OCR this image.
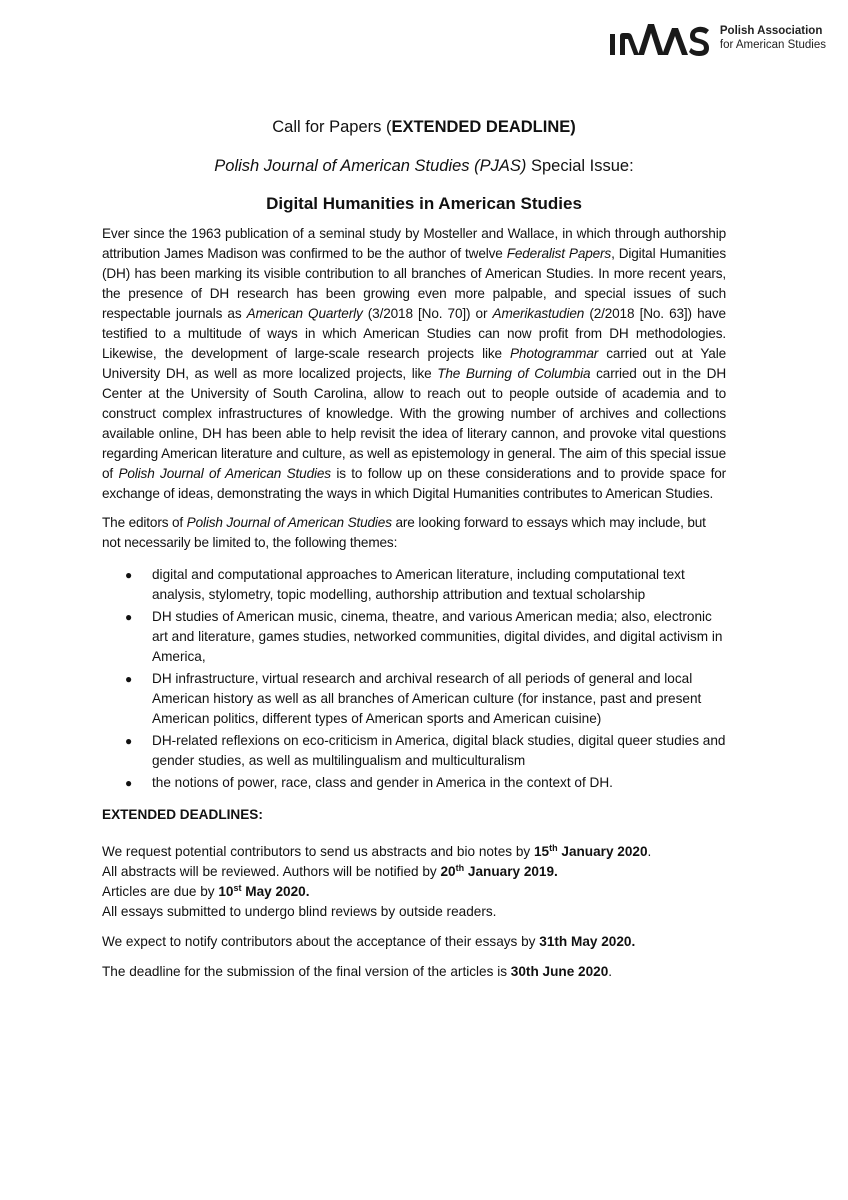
Polish Association
for American Studies

Call for Papers (EXTENDED DEADLINE)

Polish Journal of American Studies (PJAS) Special Issue:

Digital Humanities in American Studies

Ever since the 1963 publication of a seminal study by Mosteller and Wallace, in which through authorship attribution James Madison was confirmed to be the author of twelve Federalist Papers, Digital Humanities (DH) has been marking its visible contribution to all branches of American Studies. In more recent years, the presence of DH research has been growing even more palpable, and special issues of such respectable journals as American Quarterly (3/2018 [No. 70]) or Amerikastudien (2/2018 [No. 63]) have testified to a multitude of ways in which American Studies can now profit from DH methodologies. Likewise, the development of large-scale research projects like Photogrammar carried out at Yale University DH, as well as more localized projects, like The Burning of Columbia carried out in the DH Center at the University of South Carolina, allow to reach out to people outside of academia and to construct complex infrastructures of knowledge. With the growing number of archives and collections available online, DH has been able to help revisit the idea of literary cannon, and provoke vital questions regarding American literature and culture, as well as epistemology in general. The aim of this special issue of Polish Journal of American Studies is to follow up on these considerations and to provide space for exchange of ideas, demonstrating the ways in which Digital Humanities contributes to American Studies.

The editors of Polish Journal of American Studies are looking forward to essays which may include, but not necessarily be limited to, the following themes:

● digital and computational approaches to American literature, including computational text analysis, stylometry, topic modelling, authorship attribution and textual scholarship
● DH studies of American music, cinema, theatre, and various American media; also, electronic art and literature, games studies, networked communities, digital divides, and digital activism in America,
● DH infrastructure, virtual research and archival research of all periods of general and local American history as well as all branches of American culture (for instance, past and present American politics, different types of American sports and American cuisine)
● DH-related reflexions on eco-criticism in America, digital black studies, digital queer studies and gender studies, as well as multilingualism and multiculturalism
● the notions of power, race, class and gender in America in the context of DH.

EXTENDED DEADLINES:

We request potential contributors to send us abstracts and bio notes by 15th January 2020.

All abstracts will be reviewed. Authors will be notified by 20th January 2019.

Articles are due by 10st May 2020.

All essays submitted to undergo blind reviews by outside readers.

We expect to notify contributors about the acceptance of their essays by 31th May 2020.

The deadline for the submission of the final version of the articles is 30th June 2020.
